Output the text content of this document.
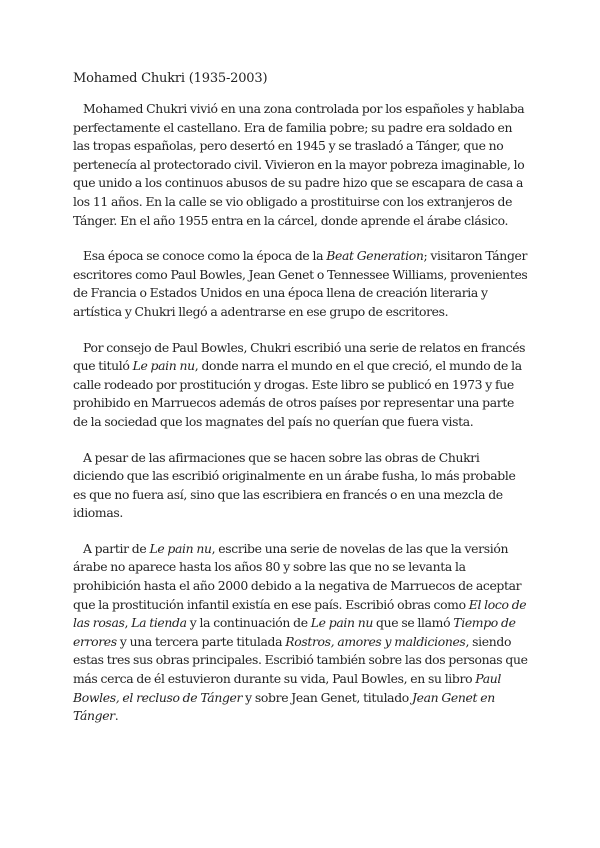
Mohamed Chukri (1935-2003)

Mohamed Chukri vivió en una zona controlada por los españoles y hablaba perfectamente el castellano. Era de familia pobre; su padre era soldado en las tropas españolas, pero desertó en 1945 y se trasladó a Tánger, que no pertenecía al protectorado civil. Vivieron en la mayor pobreza imaginable, lo que unido a los continuos abusos de su padre hizo que se escapara de casa a los 11 años. En la calle se vio obligado a prostituirse con los extranjeros de Tánger. En el año 1955 entra en la cárcel, donde aprende el árabe clásico.

Esa época se conoce como la época de la Beat Generation; visitaron Tánger escritores como Paul Bowles, Jean Genet o Tennessee Williams, provenientes de Francia o Estados Unidos en una época llena de creación literaria y artística y Chukri llegó a adentrarse en ese grupo de escritores.

Por consejo de Paul Bowles, Chukri escribió una serie de relatos en francés que tituló Le pain nu, donde narra el mundo en el que creció, el mundo de la calle rodeado por prostitución y drogas. Este libro se publicó en 1973 y fue prohibido en Marruecos además de otros países por representar una parte de la sociedad que los magnates del país no querían que fuera vista.

A pesar de las afirmaciones que se hacen sobre las obras de Chukri diciendo que las escribió originalmente en un árabe fusha, lo más probable es que no fuera así, sino que las escribiera en francés o en una mezcla de idiomas.

A partir de Le pain nu, escribe una serie de novelas de las que la versión árabe no aparece hasta los años 80 y sobre las que no se levanta la prohibición hasta el año 2000 debido a la negativa de Marruecos de aceptar que la prostitución infantil existía en ese país. Escribió obras como El loco de las rosas, La tienda y la continuación de Le pain nu que se llamó Tiempo de errores y una tercera parte titulada Rostros, amores y maldiciones, siendo estas tres sus obras principales. Escribió también sobre las dos personas que más cerca de él estuvieron durante su vida, Paul Bowles, en su libro Paul Bowles, el recluso de Tánger y sobre Jean Genet, titulado Jean Genet en Tánger.
